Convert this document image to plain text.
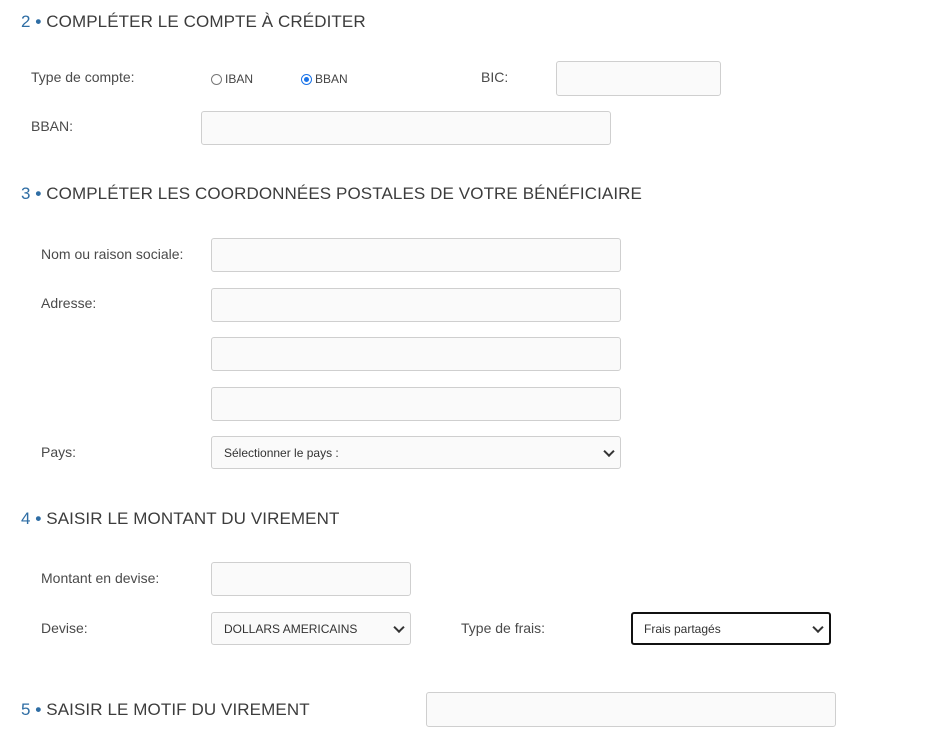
2 • COMPLÉTER LE COMPTE À CRÉDITER
Type de compte:	IBAN	BBAN	BIC:
BBAN:
3 • COMPLÉTER LES COORDONNÉES POSTALES DE VOTRE BÉNÉFICIAIRE
Nom ou raison sociale:
Adresse:
Pays:	Sélectionner le pays :
4 • SAISIR LE MONTANT DU VIREMENT
Montant en devise:
Devise:	DOLLARS AMERICAINS	Type de frais:	Frais partagés
5 • SAISIR LE MOTIF DU VIREMENT
